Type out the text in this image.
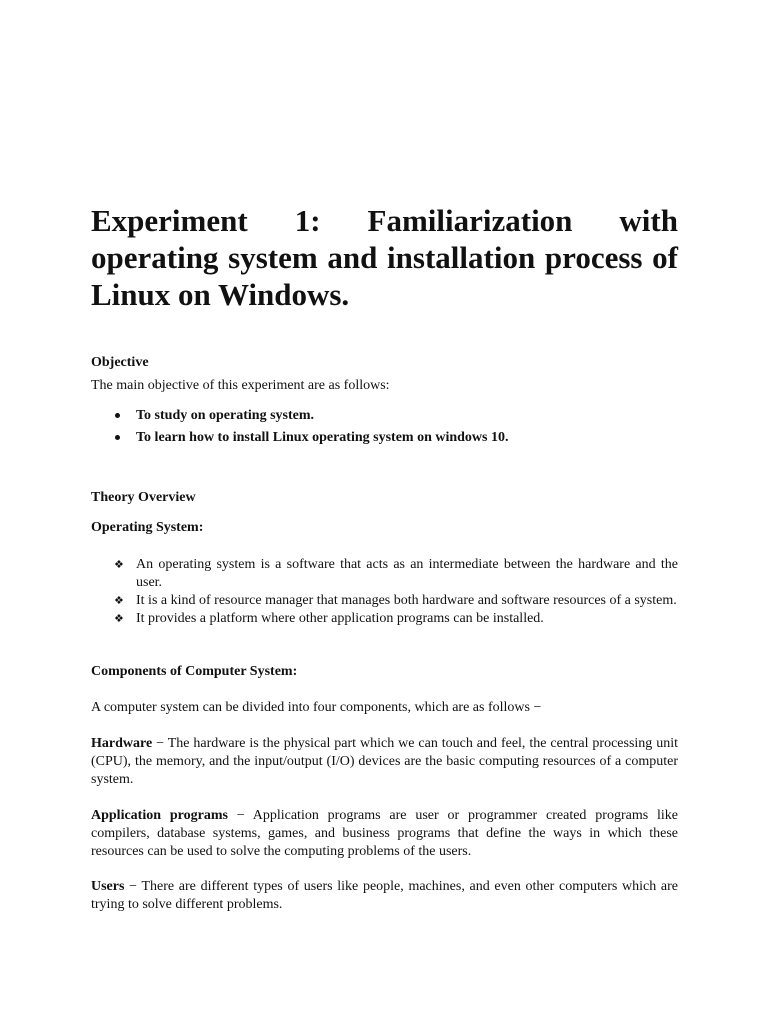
Experiment 1: Familiarization with operating system and installation process of Linux on Windows.
Objective

The main objective of this experiment are as follows:

To study on operating system.
To learn how to install Linux operating system on windows 10.
Theory Overview
Operating System:
❖ An operating system is a software that acts as an intermediate between the hardware and the user.
❖ It is a kind of resource manager that manages both hardware and software resources of a system.
❖ It provides a platform where other application programs can be installed.
Components of Computer System:

A computer system can be divided into four components, which are as follows −

Hardware − The hardware is the physical part which we can touch and feel, the central processing unit (CPU), the memory, and the input/output (I/O) devices are the basic computing resources of a computer system.

Application programs − Application programs are user or programmer created programs like compilers, database systems, games, and business programs that define the ways in which these resources can be used to solve the computing problems of the users.

Users − There are different types of users like people, machines, and even other computers which are trying to solve different problems.
